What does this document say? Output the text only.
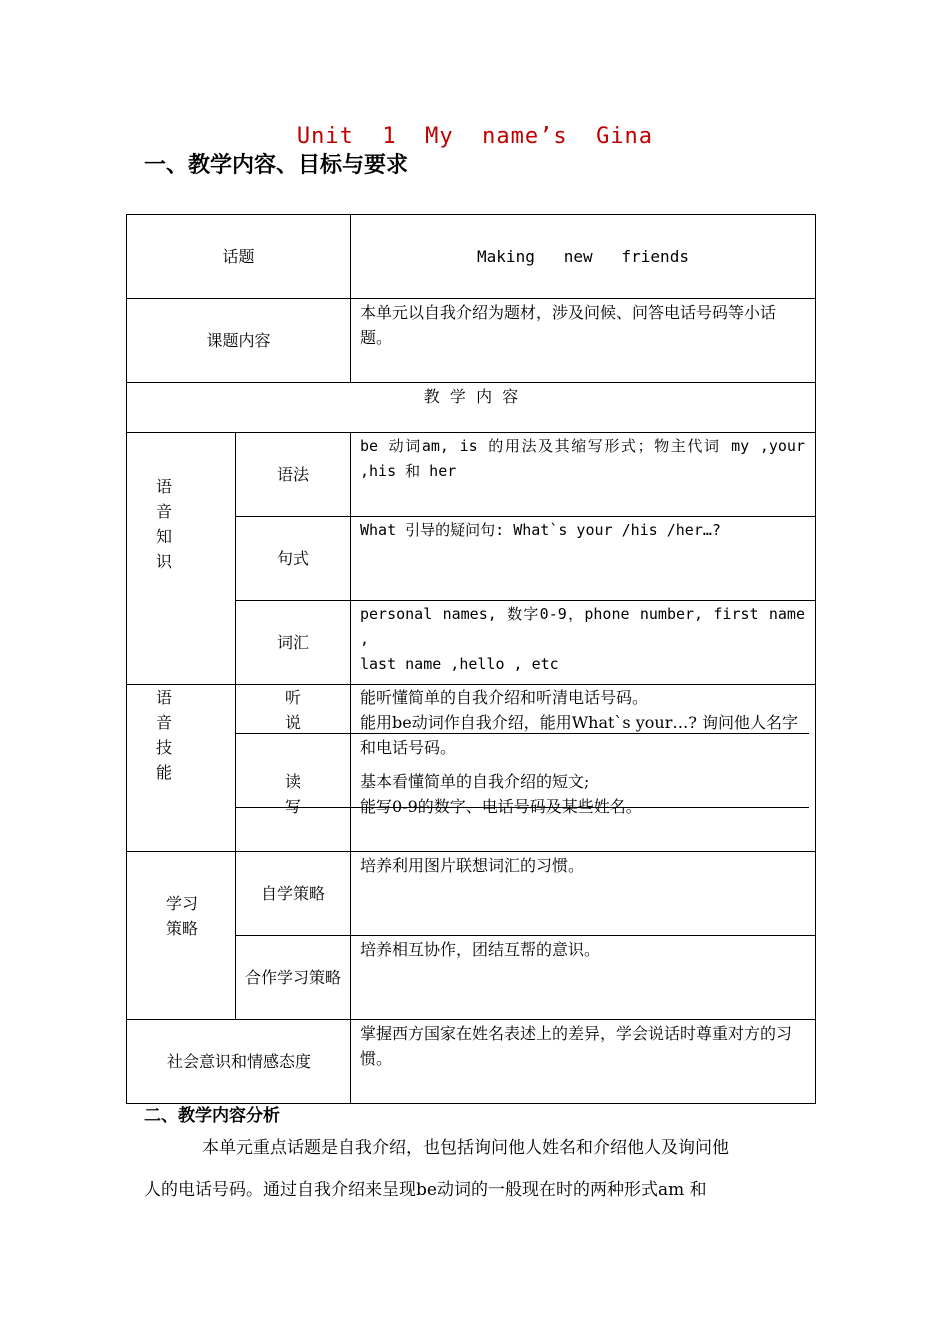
Unit  1  My  name’s  Gina
一、教学内容、目标与要求
话题	Making   new   friends
课题内容
本单元以自我介绍为题材，涉及问候、问答电话号码等小话题。
教  学  内  容
语音知识
语法
be 动词am, is 的用法及其缩写形式；物主代词 my ,your ,his 和 her
句式
What 引导的疑问句: What`s your /his /her…?
词汇
personal names, 数字0-9，phone number, first name ,
last name ,hello , etc
语音技能
听
说
能听懂简单的自我介绍和听清电话号码。
能用be动词作自我介绍，能用What`s your…? 询问他人名字和电话号码。
读
写
基本看懂简单的自我介绍的短文;
能写0-9的数字、电话号码及某些姓名。
学习策略
自学策略
培养利用图片联想词汇的习惯。
合作学习策略
培养相互协作，团结互帮的意识。
社会意识和情感态度
掌握西方国家在姓名表述上的差异，学会说话时尊重对方的习惯。
二、教学内容分析
本单元重点话题是自我介绍，也包括询问他人姓名和介绍他人及询问他
人的电话号码。通过自我介绍来呈现be动词的一般现在时的两种形式am 和
